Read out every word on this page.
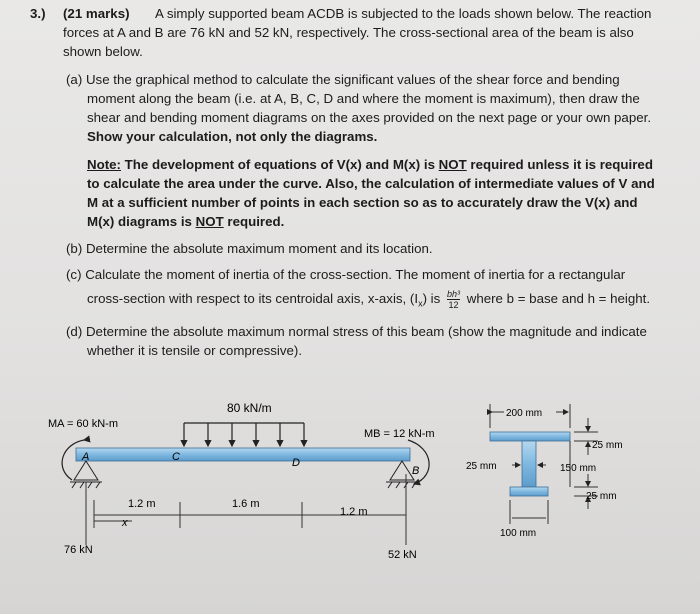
3.) (21 marks) A simply supported beam ACDB is subjected to the loads shown below. The reaction
forces at A and B are 76 kN and 52 kN, respectively. The cross-sectional area of the beam is also
shown below.
(a) Use the graphical method to calculate the significant values of the shear force and bending
moment along the beam (i.e. at A, B, C, D and where the moment is maximum), then draw the
shear and bending moment diagrams on the axes provided on the next page or your own paper.
Show your calculation, not only the diagrams.
Note: The development of equations of V(x) and M(x) is NOT required unless it is required
to calculate the area under the curve. Also, the calculation of intermediate values of V and
M at a sufficient number of points in each section so as to accurately draw the V(x) and
M(x) diagrams is NOT required.
(b) Determine the absolute maximum moment and its location.
(c) Calculate the moment of inertia of the cross-section. The moment of inertia for a rectangular
cross-section with respect to its centroidal axis, x-axis, $(I_x)$ is $\frac{\text{bh³}}{12}$ where b = base and h = height.
(d) Determine the absolute maximum normal stress of this beam (show the magnitude and indicate
whether it is tensile or compressive).
80 kN/m
A	C	D
B
MA = 60 kN-m
MB = 12 kN-m
1.2 m	1.6 m
1.2 m
x
76 kN	52 kN
200 mm
25 mm
25 mm	150 mm
25 mm
100 mm
